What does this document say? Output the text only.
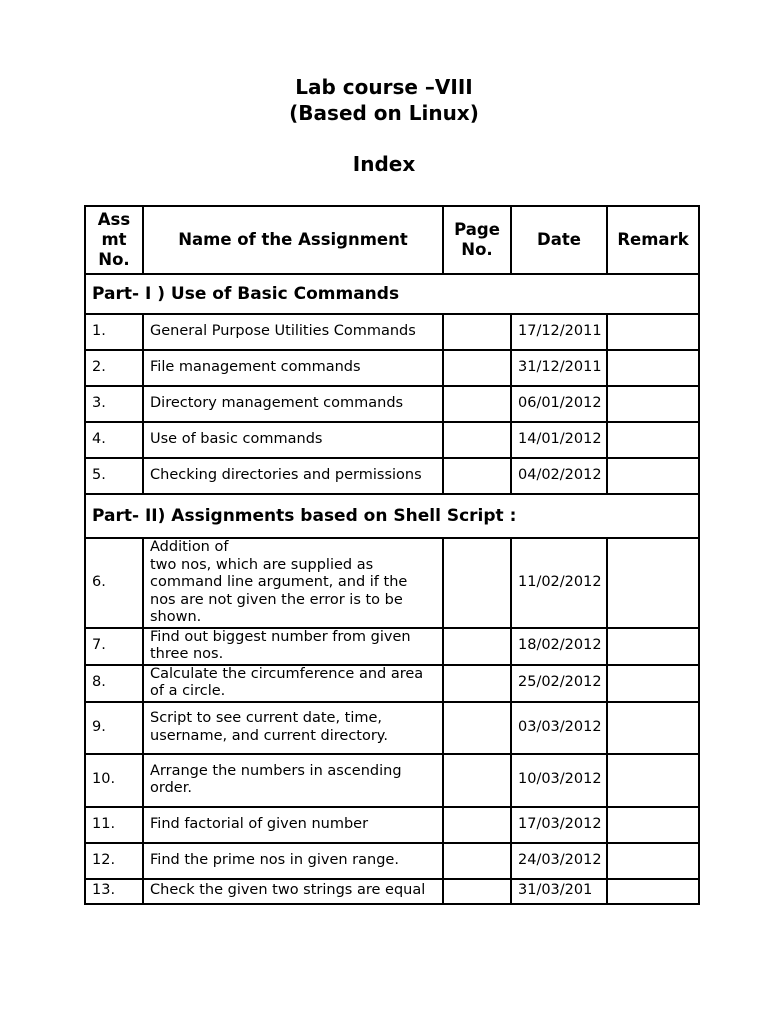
Lab course –VIII
(Based on Linux)
Index
Ass mt No.	Name of the Assignment	Page No.	Date	Remark
Part- I ) Use of Basic Commands				
1.	General Purpose Utilities Commands		17/12/2011	
2.	File management commands		31/12/2011	
3.	Directory management commands		06/01/2012	
4.	Use of basic commands		14/01/2012	
5.	Checking directories and permissions		04/02/2012	
Part- II) Assignments based on Shell Script :				
6.	Addition of
two nos, which are supplied as command line argument, and if the nos are not given the error is to be shown.		11/02/2012	
7.	Find out biggest number from given three nos.		18/02/2012	
8.	Calculate the circumference and area of a circle.		25/02/2012	
9.	Script to see current date, time, username, and current directory.		03/03/2012	
10.	Arrange the numbers in ascending order.		10/03/2012	
11.	Find factorial of given number		17/03/2012	
12.	Find the prime nos in given range.		24/03/2012	
13.	Check the given two strings are equal		31/03/201	
